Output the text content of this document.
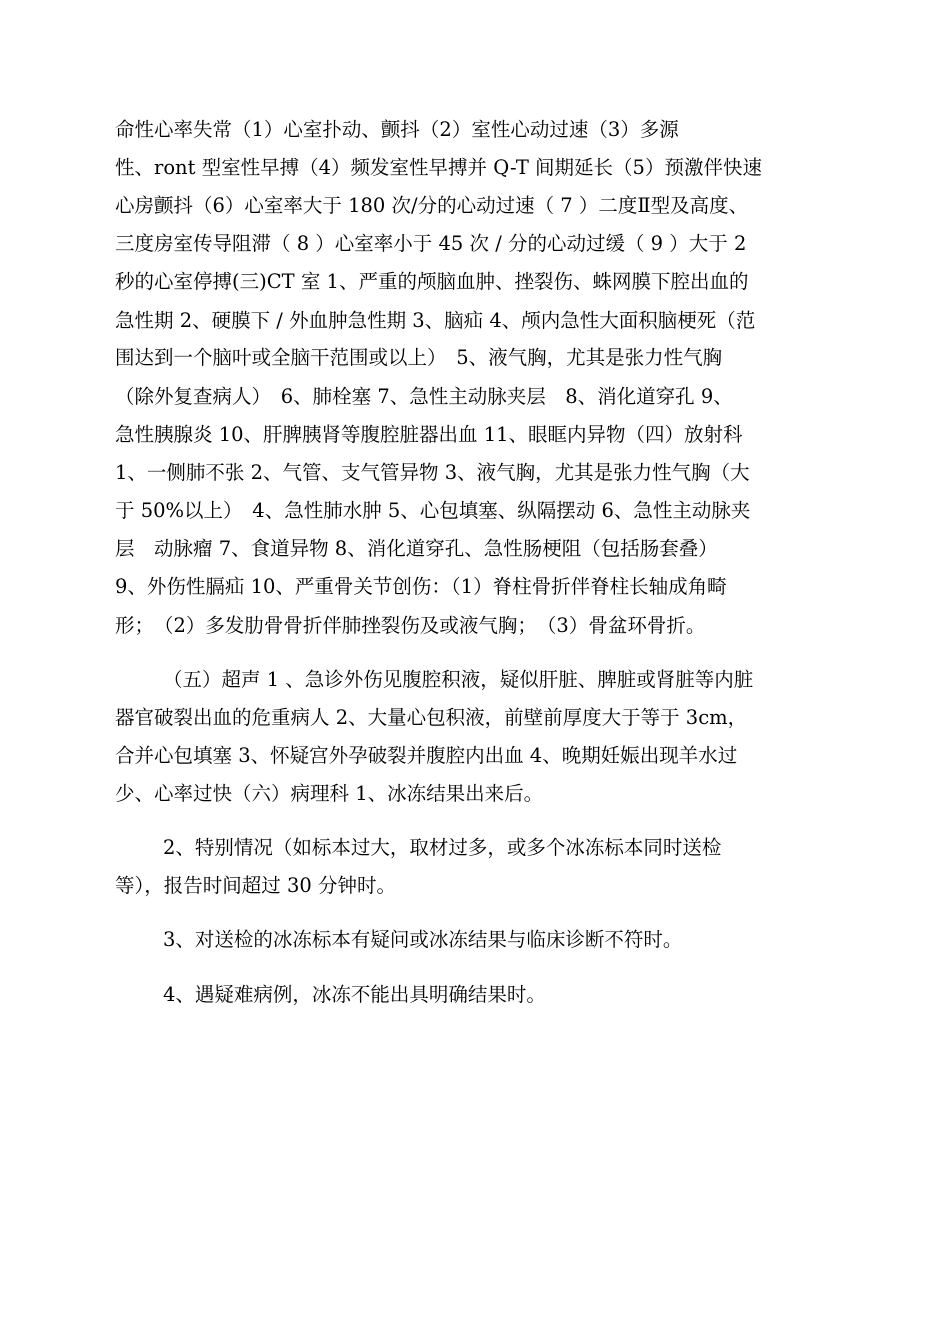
命性心率失常（1）心室扑动、颤抖（2）室性心动过速（3）多源
性、ront 型室性早搏（4）频发室性早搏并 Q-T 间期延长（5）预激伴快速
心房颤抖（6）心室率大于 180 次/分的心动过速（ 7 ）二度Ⅱ型及高度、
三度房室传导阻滞（ 8 ）心室率小于 45 次 / 分的心动过缓（ 9 ）大于 2
秒的心室停搏(三)CT 室 1、严重的颅脑血肿、挫裂伤、蛛网膜下腔出血的
急性期 2、硬膜下 / 外血肿急性期 3、脑疝 4、颅内急性大面积脑梗死（范
围达到一个脑叶或全脑干范围或以上）　5、液气胸，尤其是张力性气胸
（除外复查病人）　6、肺栓塞 7、急性主动脉夹层　8、消化道穿孔 9、
急性胰腺炎 10、肝脾胰肾等腹腔脏器出血 11、眼眶内异物（四）放射科
1、一侧肺不张 2、气管、支气管异物 3、液气胸，尤其是张力性气胸（大
于 50%以上）　4、急性肺水肿 5、心包填塞、纵隔摆动 6、急性主动脉夹
层　动脉瘤 7、食道异物 8、消化道穿孔、急性肠梗阻（包括肠套叠）
9、外伤性膈疝 10、严重骨关节创伤：（1）脊柱骨折伴脊柱长轴成角畸
形；　（2）多发肋骨骨折伴肺挫裂伤及或液气胸；　（3）骨盆环骨折。
（五）超声 1 、急诊外伤见腹腔积液，疑似肝脏、脾脏或肾脏等内脏
器官破裂出血的危重病人 2、大量心包积液，前壁前厚度大于等于 3cm，
合并心包填塞 3、怀疑宫外孕破裂并腹腔内出血 4、晚期妊娠出现羊水过
少、心率过快（六）病理科 1、冰冻结果出来后。
2、特别情况（如标本过大，取材过多，或多个冰冻标本同时送检
等），报告时间超过 30 分钟时。
3、对送检的冰冻标本有疑问或冰冻结果与临床诊断不符时。
4、遇疑难病例，冰冻不能出具明确结果时。
